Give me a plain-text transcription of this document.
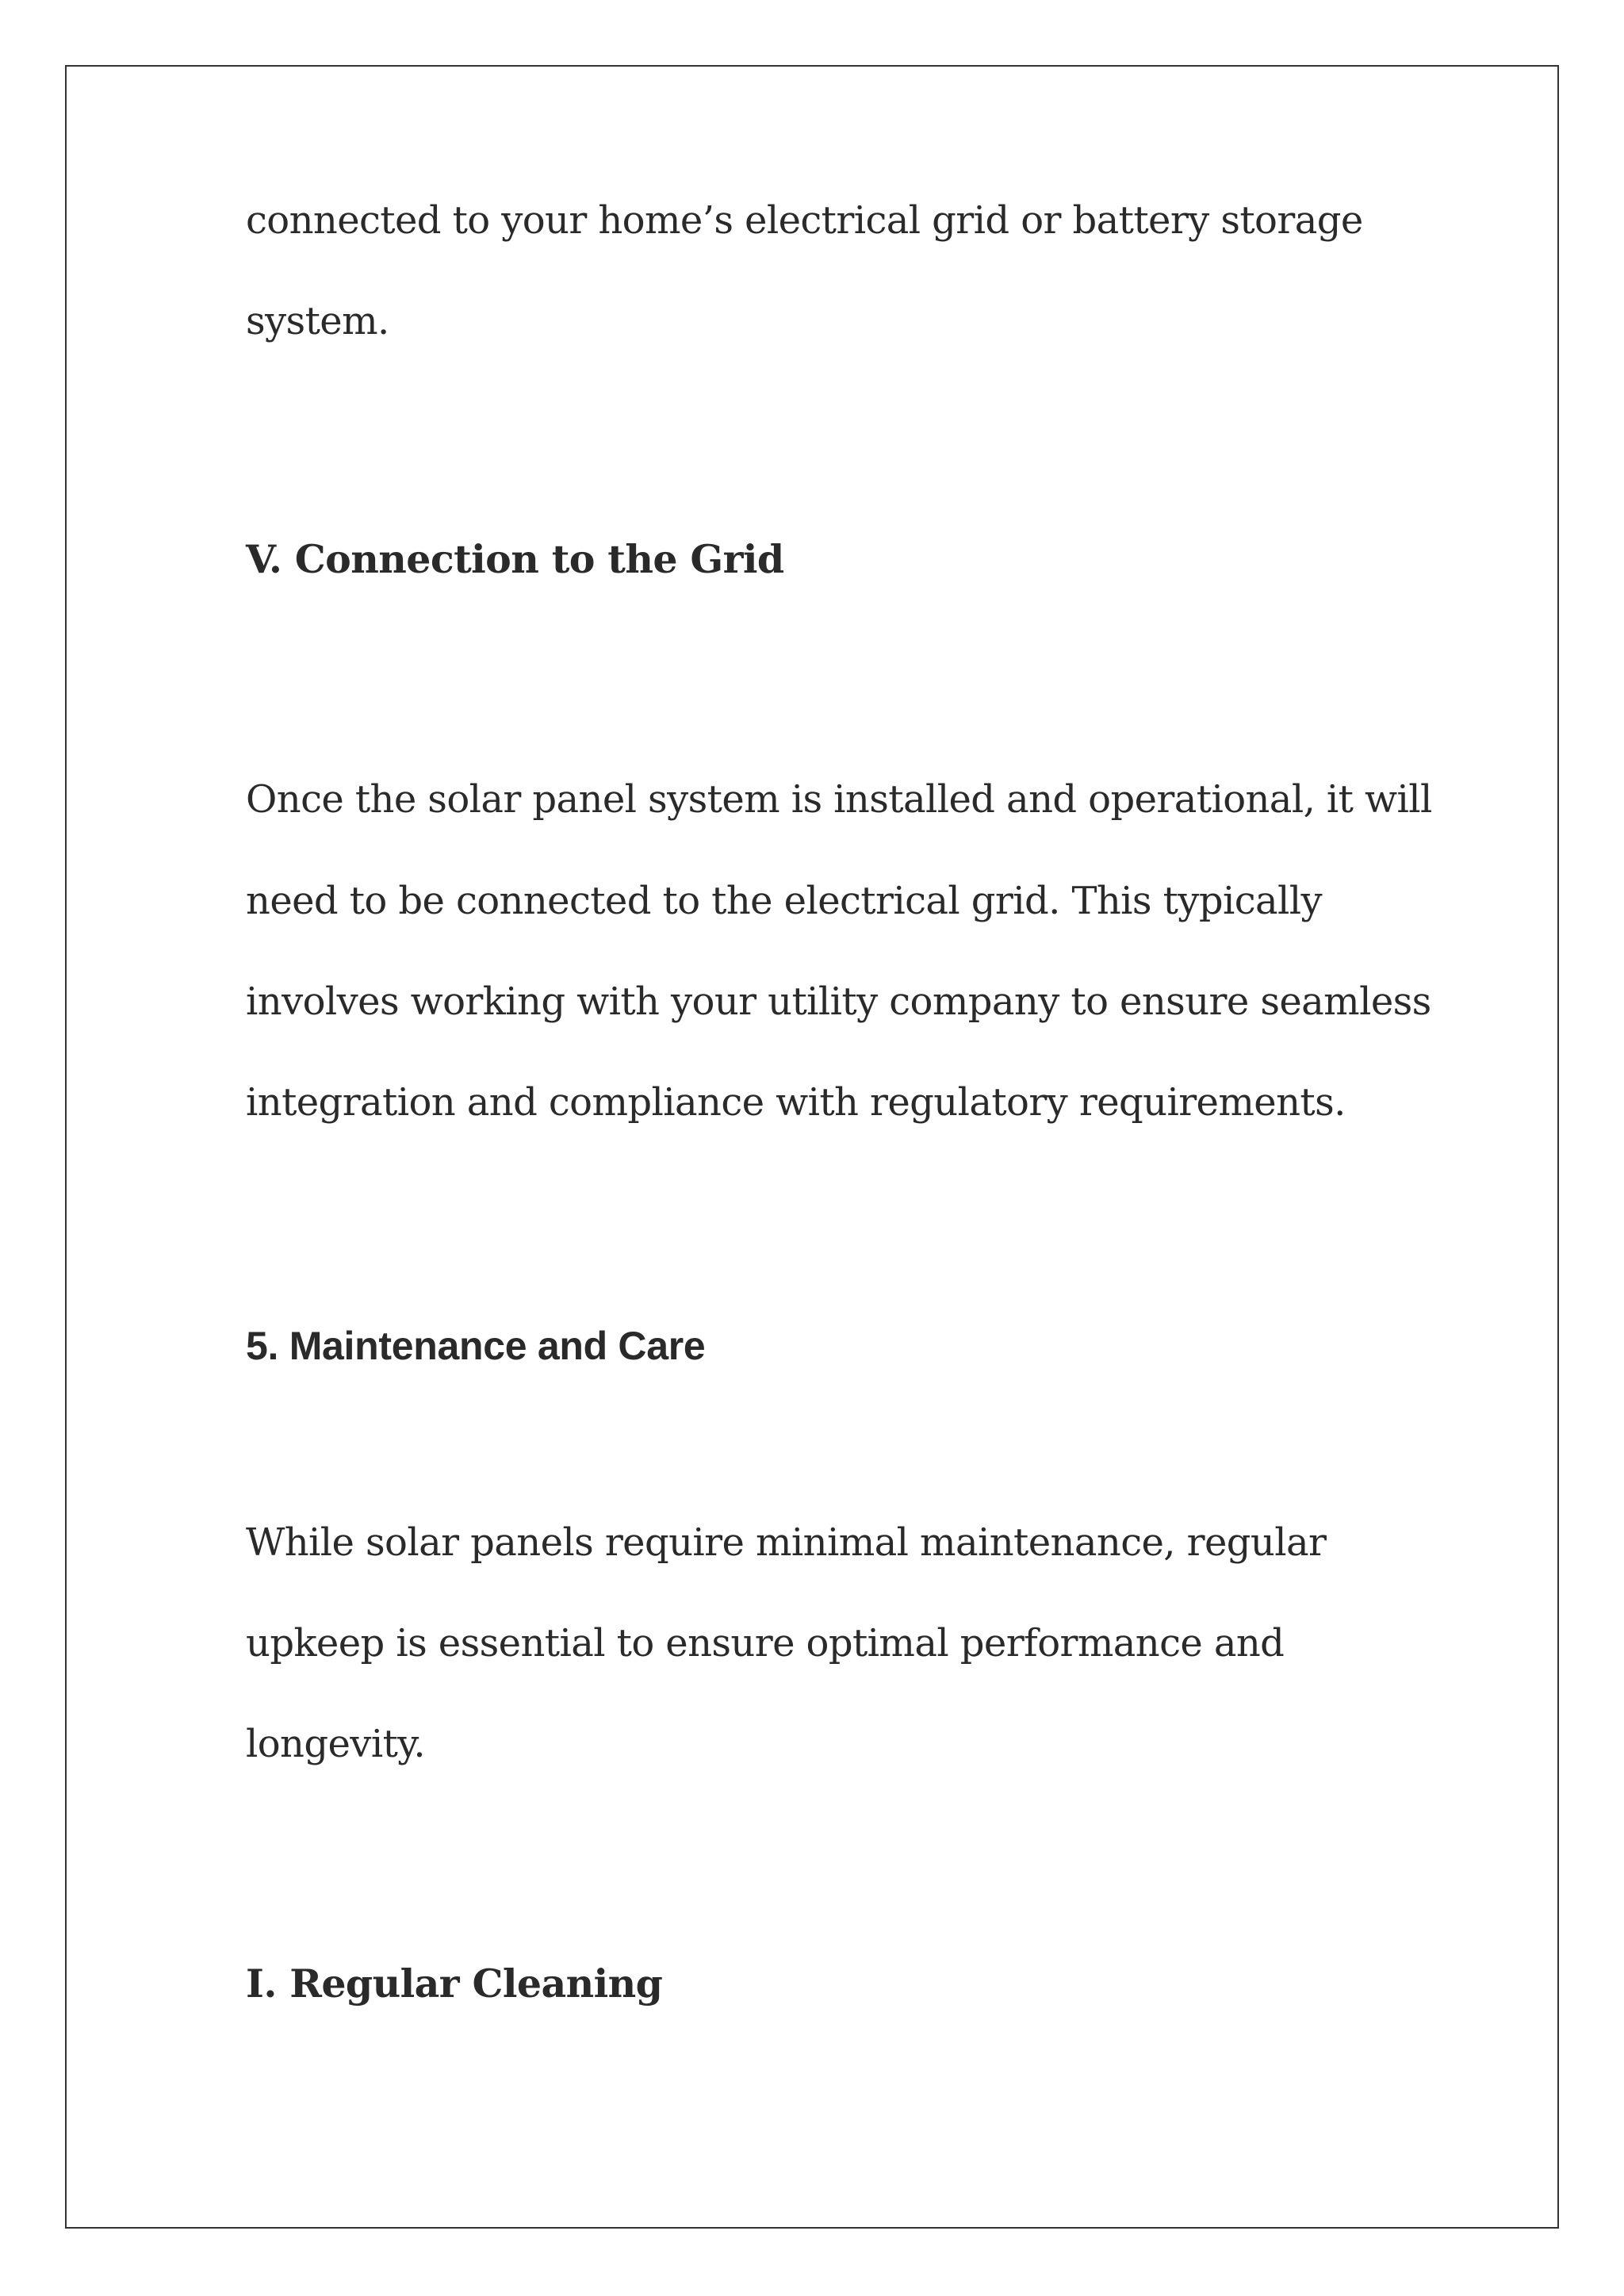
connected to your home’s electrical grid or battery storage
system.
V. Connection to the Grid
Once the solar panel system is installed and operational, it will
need to be connected to the electrical grid. This typically
involves working with your utility company to ensure seamless
integration and compliance with regulatory requirements.
5. Maintenance and Care
While solar panels require minimal maintenance, regular
upkeep is essential to ensure optimal performance and
longevity.
I. Regular Cleaning
